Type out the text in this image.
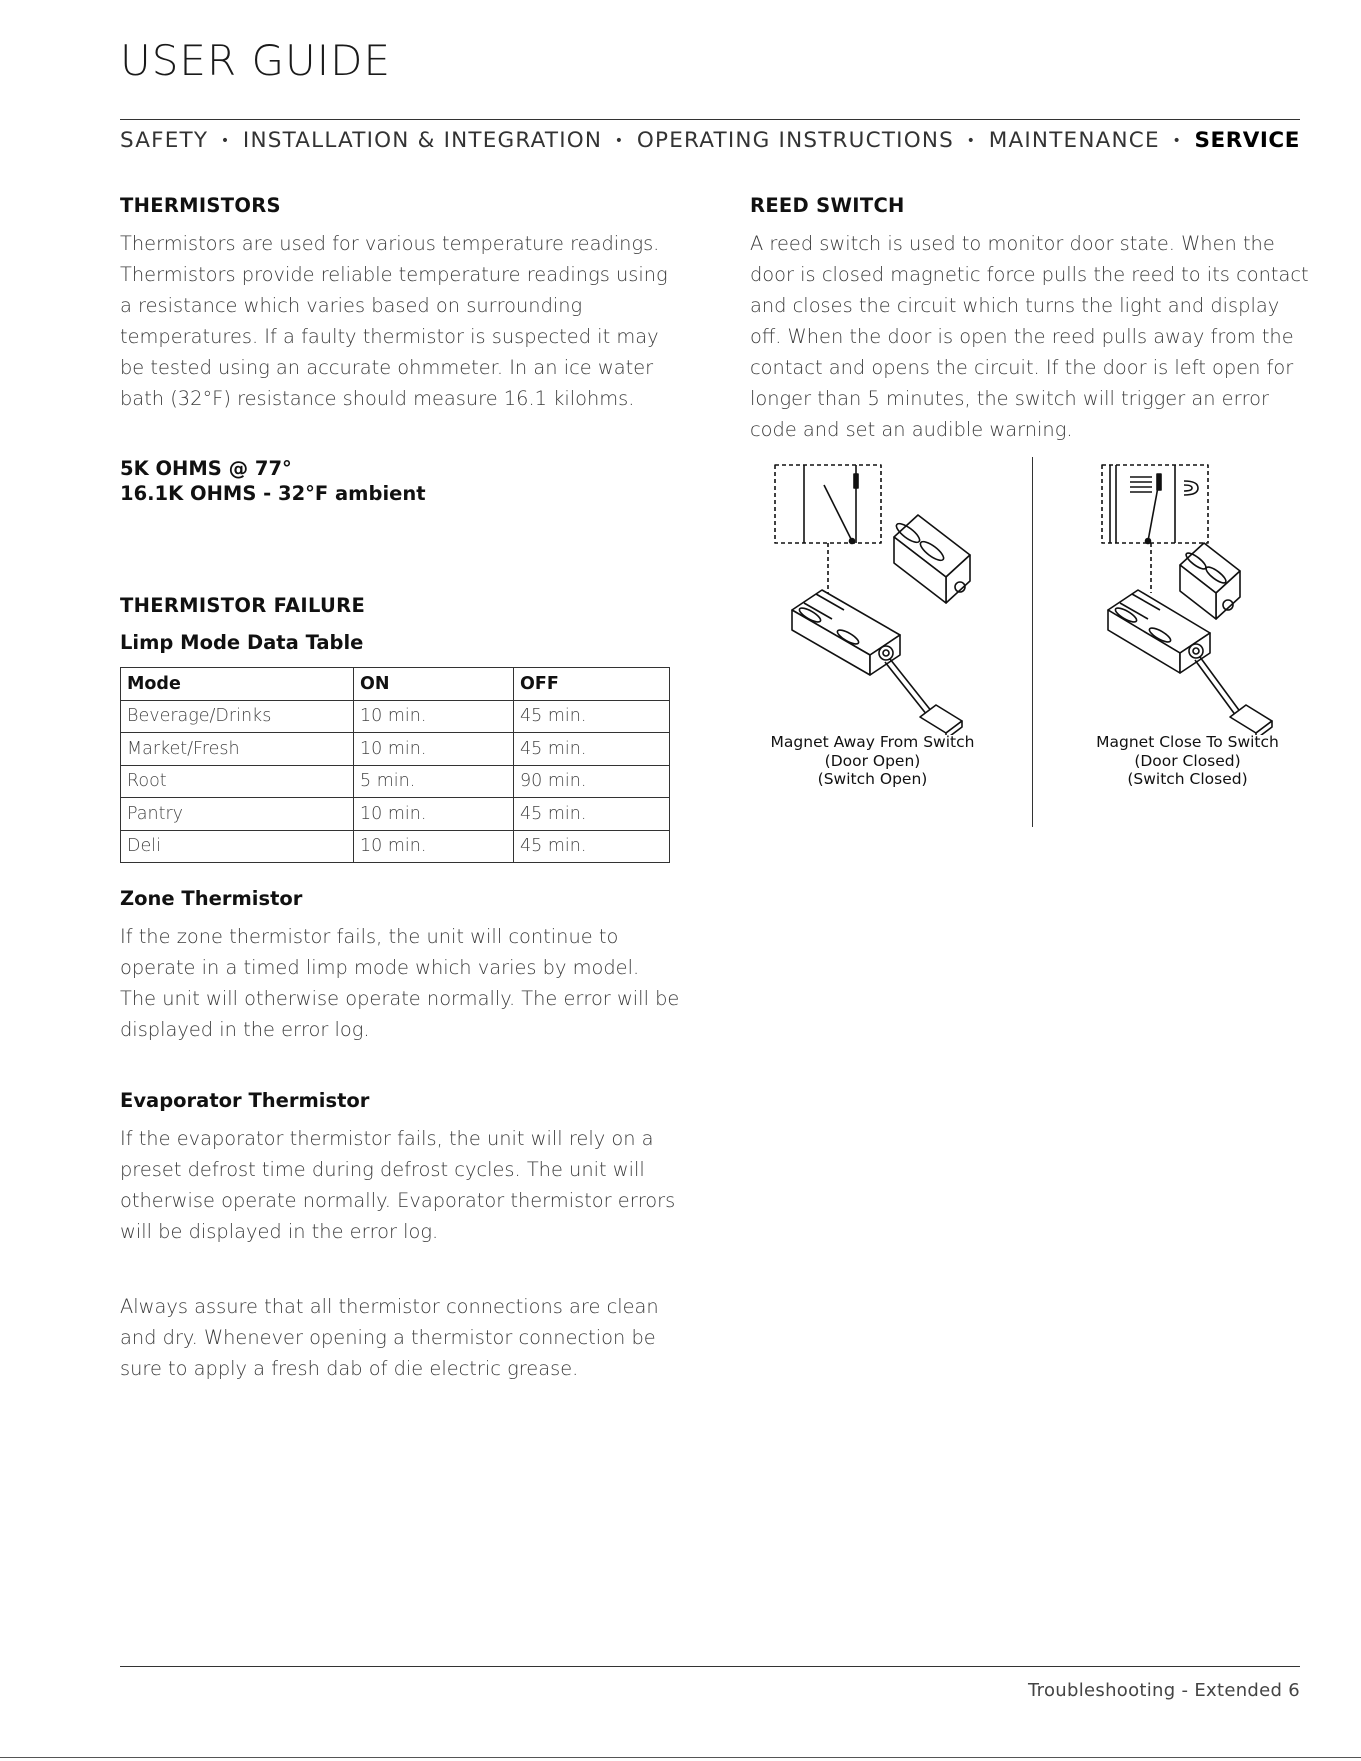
USER GUIDE
SAFETY • INSTALLATION & INTEGRATION • OPERATING INSTRUCTIONS • MAINTENANCE • SERVICE
THERMISTORS

Thermistors are used for various temperature readings. Thermistors provide reliable temperature readings using a resistance which varies based on surrounding temperatures. If a faulty thermistor is suspected it may be tested using an accurate ohmmeter. In an ice water bath (32°F) resistance should measure 16.1 kilohms.

5K OHMS @ 77°

16.1K OHMS - 32°F ambient

THERMISTOR FAILURE
Limp Mode Data Table
Mode	ON	OFF
Beverage/Drinks	10 min.	45 min.
Market/Fresh	10 min.	45 min.
Root	5 min.	90 min.
Pantry	10 min.	45 min.
Deli	10 min.	45 min.
Zone Thermistor

If the zone thermistor fails, the unit will continue to operate in a timed limp mode which varies by model. The unit will otherwise operate normally. The error will be displayed in the error log.

Evaporator Thermistor

If the evaporator thermistor fails, the unit will rely on a preset defrost time during defrost cycles. The unit will otherwise operate normally. Evaporator thermistor errors will be displayed in the error log.

Always assure that all thermistor connections are clean and dry. Whenever opening a thermistor connection be sure to apply a fresh dab of die electric grease.

REED SWITCH

A reed switch is used to monitor door state. When the door is closed magnetic force pulls the reed to its contact and closes the circuit which turns the light and display off. When the door is open the reed pulls away from the contact and opens the circuit. If the door is left open for longer than 5 minutes, the switch will trigger an error code and set an audible warning.

Magnet Away From Switch
(Door Open)
(Switch Open)
Magnet Close To Switch
(Door Closed)
(Switch Closed)
Troubleshooting - Extended 6
